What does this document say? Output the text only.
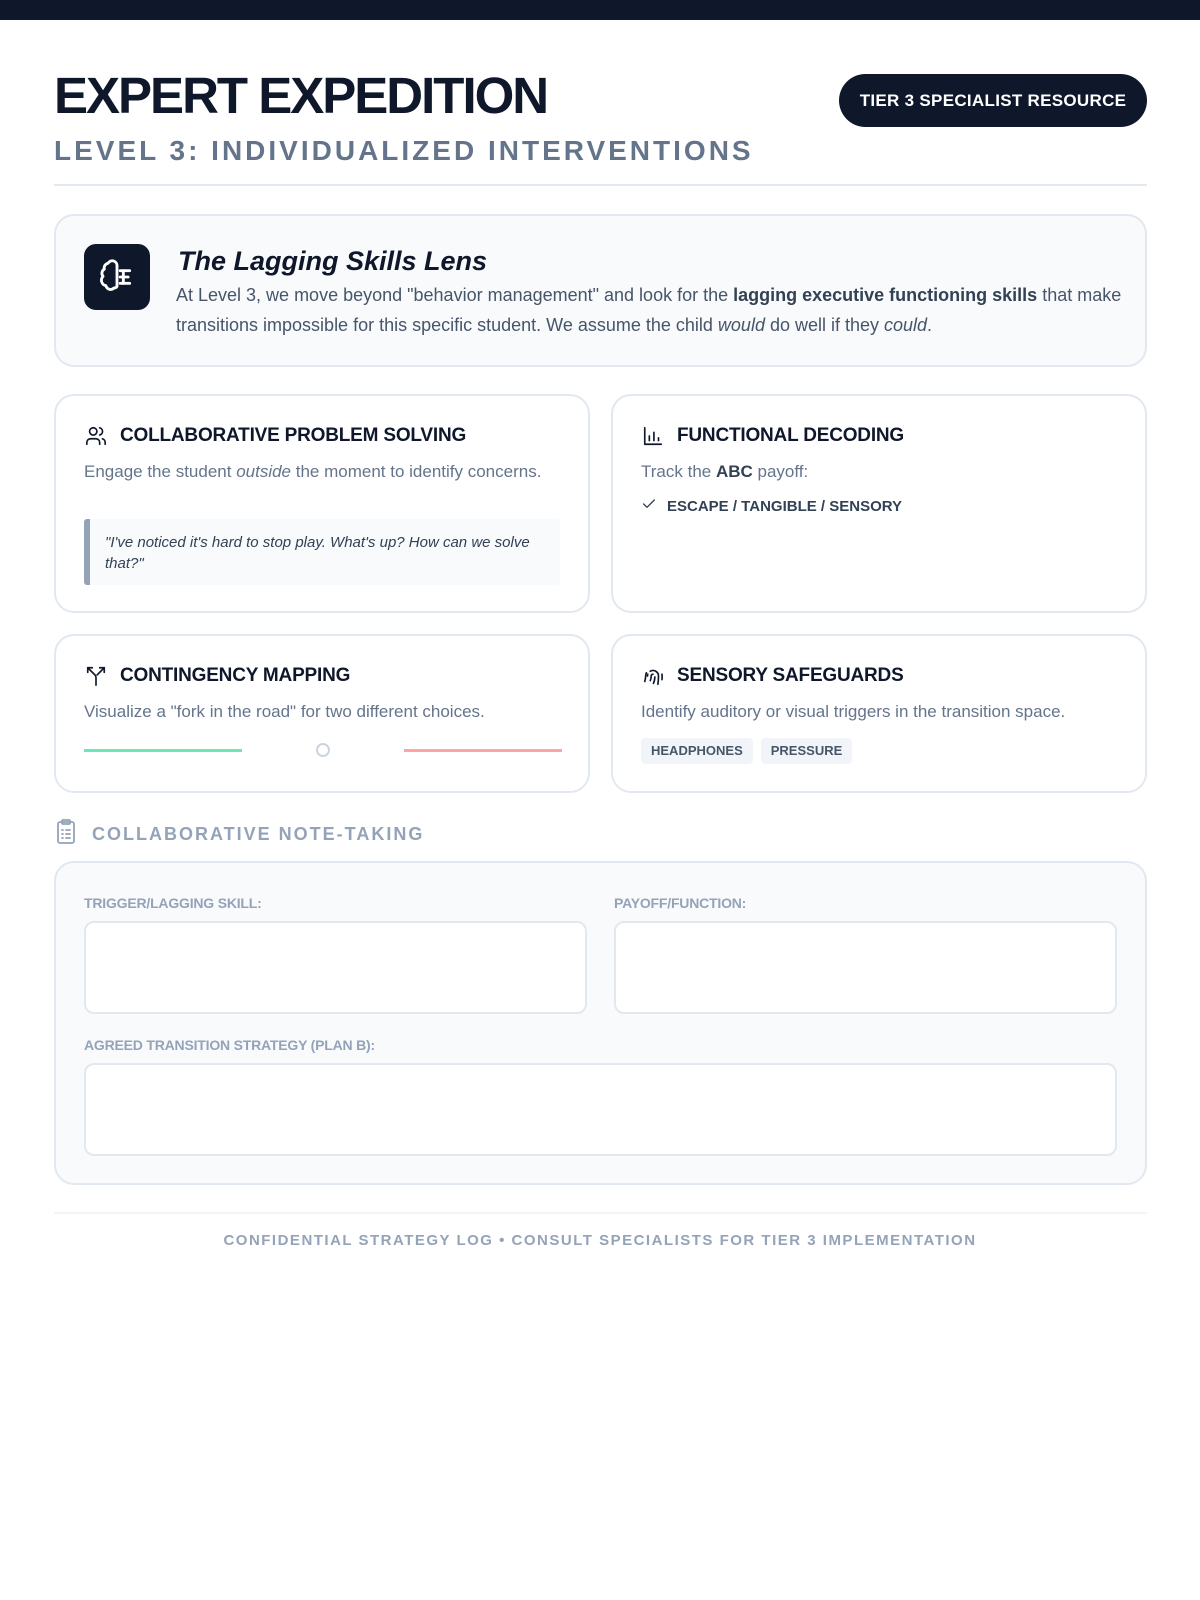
EXPERT EXPEDITION	TIER 3 SPECIALIST RESOURCE
LEVEL 3: INDIVIDUALIZED INTERVENTIONS
The Lagging Skills Lens

At Level 3, we move beyond "behavior management" and look for the lagging executive functioning skills that make transitions impossible for this specific student. We assume the child would do well if they could.

COLLABORATIVE PROBLEM SOLVING

Engage the student outside the moment to identify concerns.

"I've noticed it's hard to stop play. What's up? How can we solve that?"
FUNCTIONAL DECODING

Track the ABC payoff:

ESCAPE / TANGIBLE / SENSORY
CONTINGENCY MAPPING

Visualize a "fork in the road" for two different choices.

SENSORY SAFEGUARDS

Identify auditory or visual triggers in the transition space.

HEADPHONES	PRESSURE
COLLABORATIVE NOTE-TAKING
TRIGGER/LAGGING SKILL:	PAYOFF/FUNCTION:
AGREED TRANSITION STRATEGY (PLAN B):
CONFIDENTIAL STRATEGY LOG • CONSULT SPECIALISTS FOR TIER 3 IMPLEMENTATION
